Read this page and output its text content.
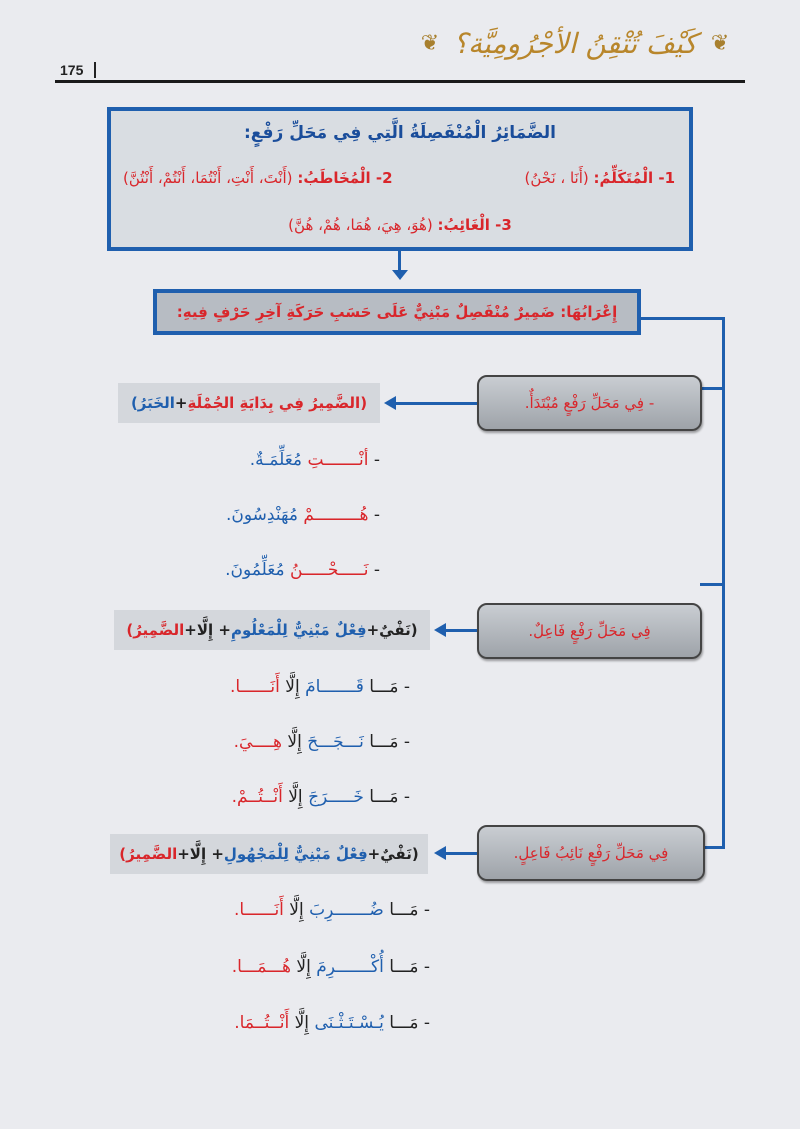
❦ كَيْفَ تُتْقِنُ الأجْرُومِيَّة؟ ❦
175
الضَّمَائِرُ الْمُنْفَصِلَةُ الَّتِي فِي مَحَلِّ رَفْعٍ:
1- الْمُتَكَلِّمُ: (أَنَا ، نَحْنُ)
2- الْمُخَاطَبُ: (أَنْتَ، أَنْتِ، أَنْتُمَا، أَنْتُمْ، أَنْتُنَّ)
3- الْغَائِبُ: (هُوَ، هِيَ، هُمَا، هُمْ، هُنَّ)
إِعْرَابُهَا: ضَمِيرٌ مُنْفَصِلٌ مَبْنِيٌّ عَلَى حَسَبِ حَرَكَةِ آخِرِ حَرْفٍ فِيهِ:
- فِي مَحَلِّ رَفْعٍ مُبْتَدَأٌ.
(الضَّمِيرُ فِي بِدَايَةِ الجُمْلَةِ
+
الخَبَرُ)
- أنْـــــــتِ مُعَلِّمَـةٌ.
- هُـــــــــمْ مُهَنْدِسُونَ.
- نَـــــحْـــــنُ مُعَلِّمُونَ.
فِي مَحَلِّ رَفْعٍ فَاعِلٌ.
(نَفْيٌ+
فِعْلٌ مَبْنِيٌّ لِلْمَعْلُومِ
+ إِلَّا+
الضَّمِيرُ)
- مَـــا قَـــــــامَ إِلَّا أَنَــــــا.
- مَـــا نَـــجَـــحَ إِلَّا هِــــيَ.
- مَـــا خَـــــرَجَ إِلَّا أَنْــتُــمْ.
فِي مَحَلِّ رَفْعٍ نَائِبُ فَاعِلٍ.
(نَفْيٌ+
فِعْلٌ مَبْنِيٌّ لِلْمَجْهُولِ
+ إِلَّا+
الضَّمِيرُ)
- مَـــا ضُـــــــرِبَ إِلَّا أَنَــــــا.
- مَـــا أُكْـــــــرِمَ إِلَّا هُـــمَـــا.
- مَـــا يُـسْـتَـثْـنَى إِلَّا أَنْــتُــمَا.
